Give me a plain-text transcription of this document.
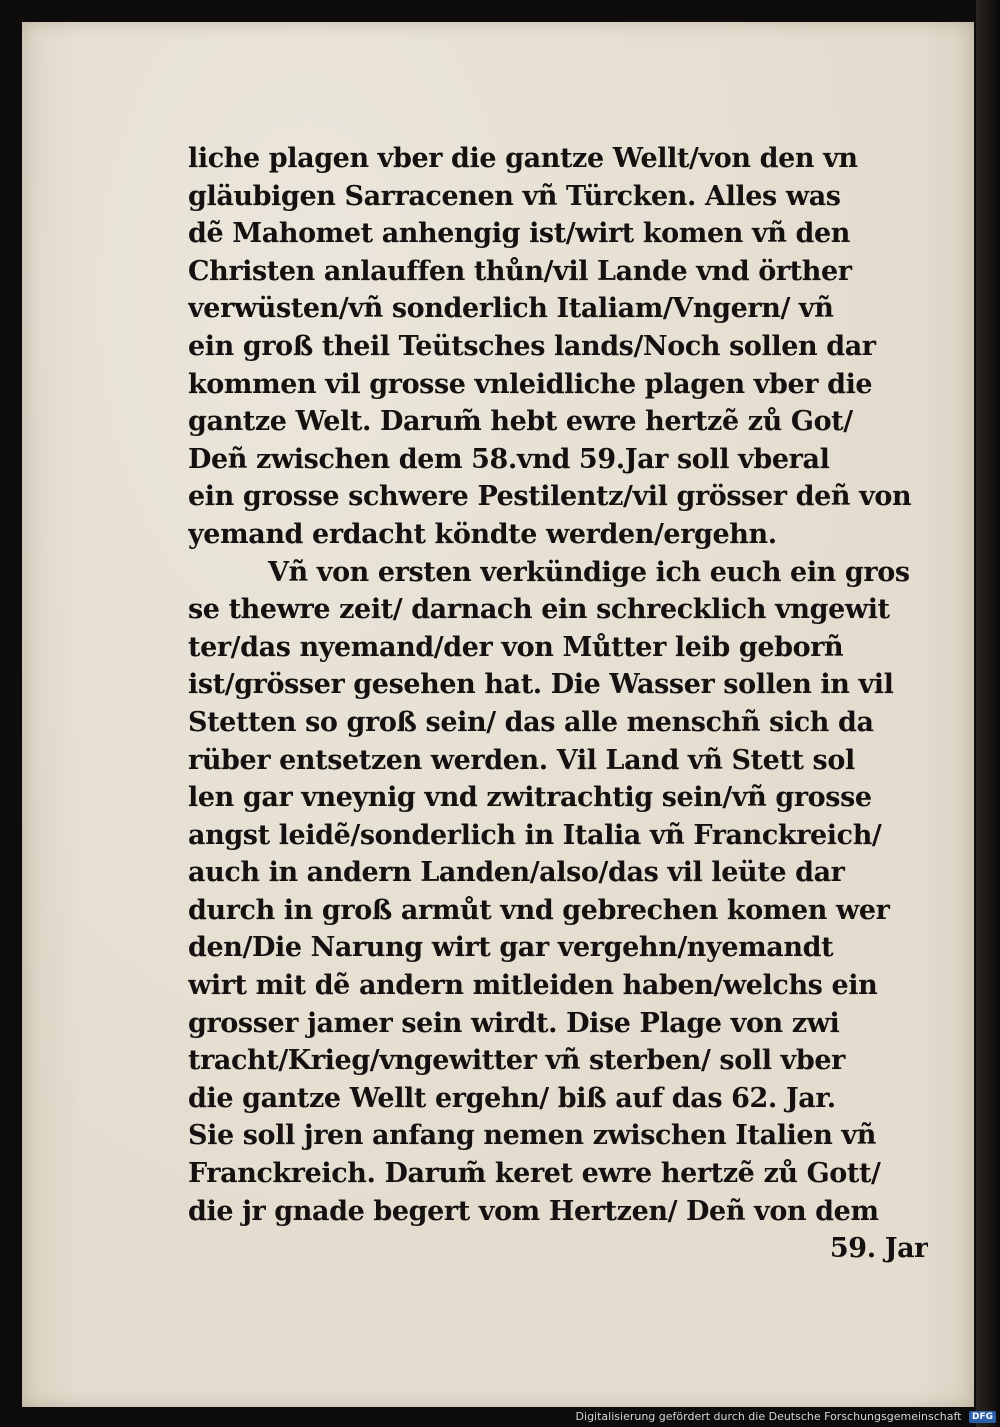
liche plagen vber die gantze Wellt/von den vn
gläubigen Sarracenen vñ Türcken. Alles was
dẽ Mahomet anhengig ist/wirt komen vñ den
Christen anlauffen thůn/vil Lande vnd örther
verwüsten/vñ sonderlich Italiam/Vngern/ vñ
ein groß theil Teütsches lands/Noch sollen dar
kommen vil grosse vnleidliche plagen vber die
gantze Welt. Darum̃ hebt ewre hertzẽ zů Got/
Deñ zwischen dem 58.vnd 59.Jar soll vberal
ein grosse schwere Pestilentz/vil grösser deñ von
yemand erdacht köndte werden/ergehn.
Vñ von ersten verkündige ich euch ein gros
se thewre zeit/ darnach ein schrecklich vngewit
ter/das nyemand/der von Můtter leib geborñ
ist/grösser gesehen hat. Die Wasser sollen in vil
Stetten so groß sein/ das alle menschñ sich da
rüber entsetzen werden. Vil Land vñ Stett sol
len gar vneynig vnd zwitrachtig sein/vñ grosse
angst leidẽ/sonderlich in Italia vñ Franckreich/
auch in andern Landen/also/das vil leüte dar
durch in groß armůt vnd gebrechen komen wer
den/Die Narung wirt gar vergehn/nyemandt
wirt mit dẽ andern mitleiden haben/welchs ein
grosser jamer sein wirdt. Dise Plage von zwi
tracht/Krieg/vngewitter vñ sterben/ soll vber
die gantze Wellt ergehn/ biß auf das 62. Jar.
Sie soll jren anfang nemen zwischen Italien vñ
Franckreich. Darum̃ keret ewre hertzẽ zů Gott/
die jr gnade begert vom Hertzen/ Deñ von dem
59. Jar
Digitalisierung gefördert durch die Deutsche Forschungsgemeinschaft DFG
